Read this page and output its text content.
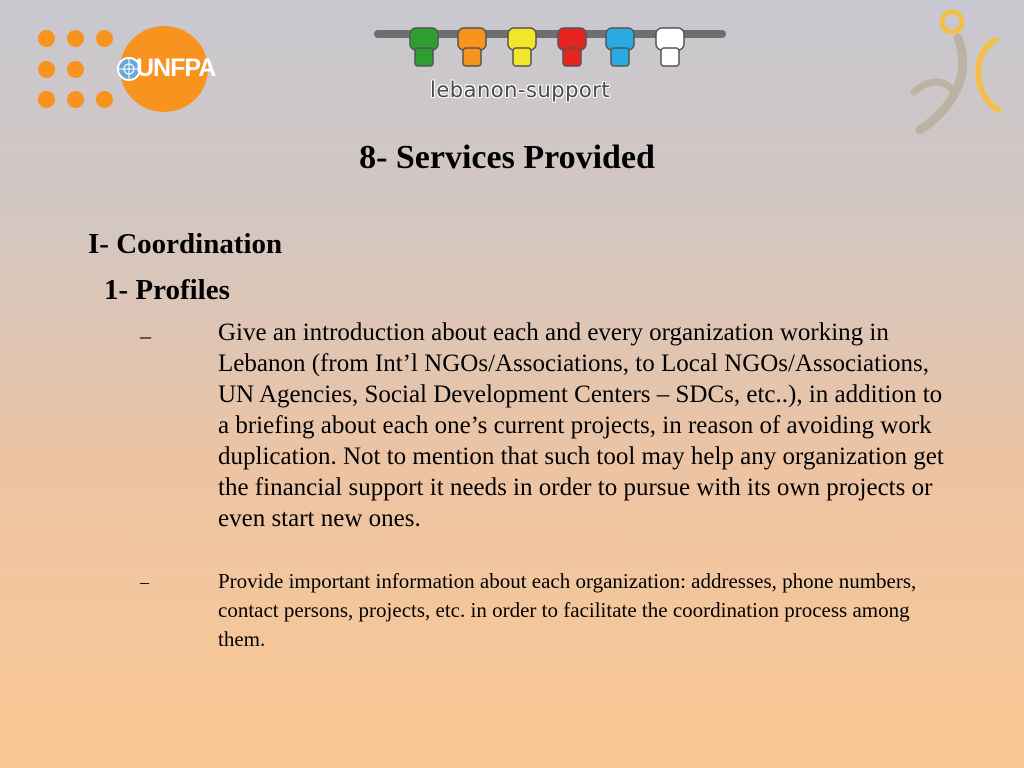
UNFPA
lebanon-support
8- Services Provided
I- Coordination
1- Profiles
–	Give an introduction about each and every organization working in Lebanon (from Int’l NGOs/Associations, to Local NGOs/Associations, UN Agencies, Social Development Centers – SDCs, etc..), in addition to a briefing about each one’s current projects, in reason of avoiding work duplication. Not to mention that such tool may help any organization get the financial support it needs in order to pursue with its own projects or even start new ones.
–	Provide important information about each organization: addresses, phone numbers, contact persons, projects, etc. in order to facilitate the coordination process among them.
